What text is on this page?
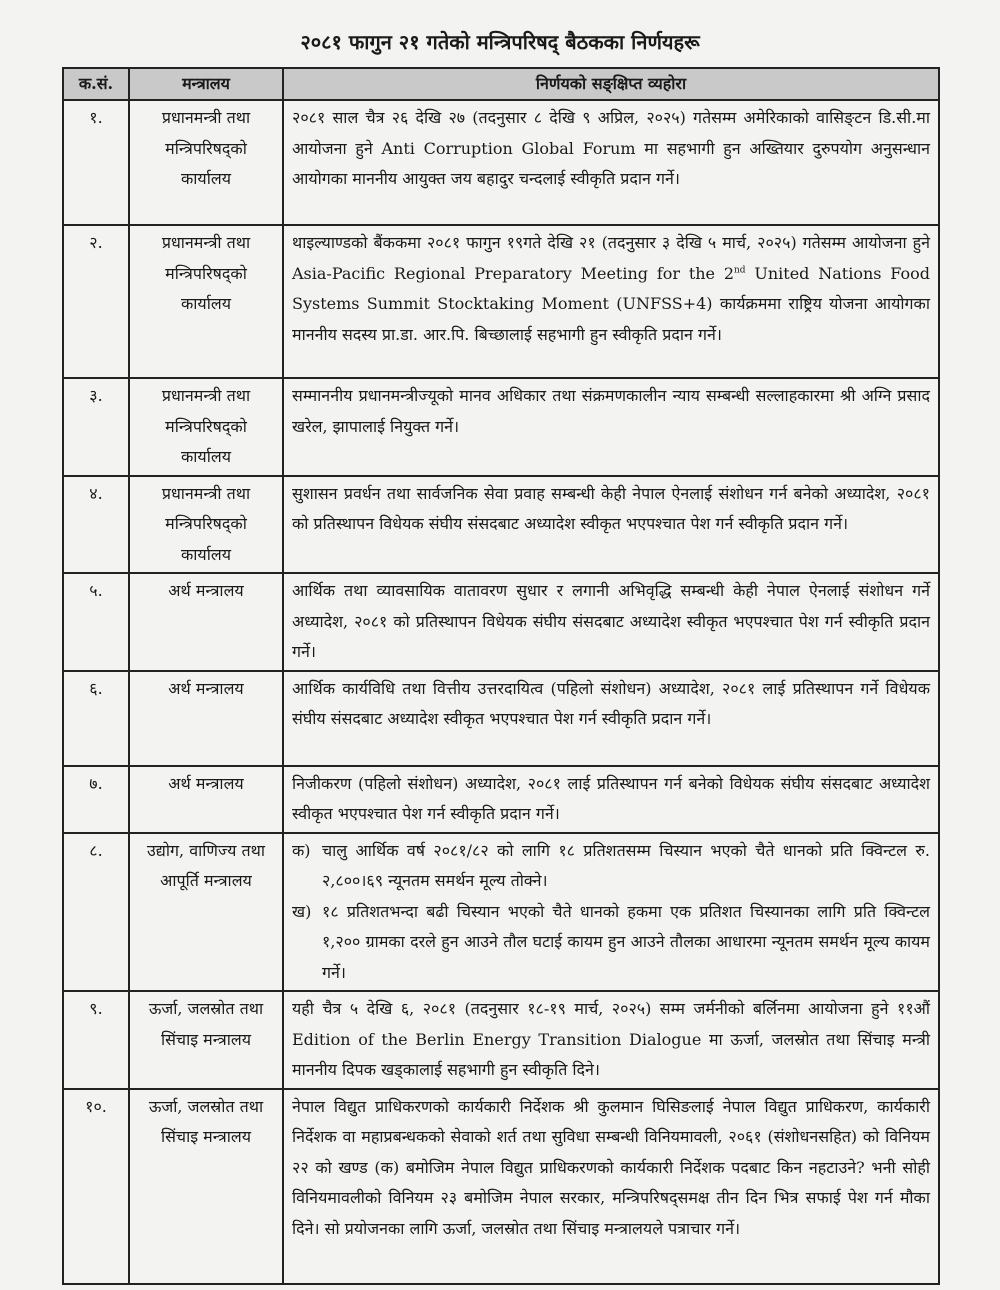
२०८१ फागुन २१ गतेको मन्त्रिपरिषद् बैठकका निर्णयहरू
क.सं.	मन्त्रालय	निर्णयको सङ्क्षिप्त व्यहोरा
१.	प्रधानमन्त्री तथा मन्त्रिपरिषद्को कार्यालय	२०८१ साल चैत्र २६ देखि २७ (तदनुसार ८ देखि ९ अप्रिल, २०२५) गतेसम्म अमेरिकाको वासिङ्टन डि.सी.मा आयोजना हुने Anti Corruption Global Forum मा सहभागी हुन अख्तियार दुरुपयोग अनुसन्धान आयोगका माननीय आयुक्त जय बहादुर चन्दलाई स्वीकृति प्रदान गर्ने।
२.	प्रधानमन्त्री तथा मन्त्रिपरिषद्को कार्यालय	थाइल्याण्डको बैंककमा २०८१ फागुन १९गते देखि २१ (तदनुसार ३ देखि ५ मार्च, २०२५) गतेसम्म आयोजना हुने Asia-Pacific Regional Preparatory Meeting for the 2nd United Nations Food Systems Summit Stocktaking Moment (UNFSS+4) कार्यक्रममा राष्ट्रिय योजना आयोगका माननीय सदस्य प्रा.डा. आर.पि. बिच्छालाई सहभागी हुन स्वीकृति प्रदान गर्ने।
३.	प्रधानमन्त्री तथा मन्त्रिपरिषद्को कार्यालय	सम्माननीय प्रधानमन्त्रीज्यूको मानव अधिकार तथा संक्रमणकालीन न्याय सम्बन्धी सल्लाहकारमा श्री अग्नि प्रसाद खरेल, झापालाई नियुक्त गर्ने।
४.	प्रधानमन्त्री तथा मन्त्रिपरिषद्को कार्यालय	सुशासन प्रवर्धन तथा सार्वजनिक सेवा प्रवाह सम्बन्धी केही नेपाल ऐनलाई संशोधन गर्न बनेको अध्यादेश, २०८१ को प्रतिस्थापन विधेयक संघीय संसदबाट अध्यादेश स्वीकृत भएपश्चात पेश गर्न स्वीकृति प्रदान गर्ने।
५.	अर्थ मन्त्रालय	आर्थिक तथा व्यावसायिक वातावरण सुधार र लगानी अभिवृद्धि सम्बन्धी केही नेपाल ऐनलाई संशोधन गर्ने अध्यादेश, २०८१ को प्रतिस्थापन विधेयक संघीय संसदबाट अध्यादेश स्वीकृत भएपश्चात पेश गर्न स्वीकृति प्रदान गर्ने।
६.	अर्थ मन्त्रालय	आर्थिक कार्यविधि तथा वित्तीय उत्तरदायित्व (पहिलो संशोधन) अध्यादेश, २०८१ लाई प्रतिस्थापन गर्ने विधेयक संघीय संसदबाट अध्यादेश स्वीकृत भएपश्चात पेश गर्न स्वीकृति प्रदान गर्ने।
७.	अर्थ मन्त्रालय	निजीकरण (पहिलो संशोधन) अध्यादेश, २०८१ लाई प्रतिस्थापन गर्न बनेको विधेयक संघीय संसदबाट अध्यादेश स्वीकृत भएपश्चात पेश गर्न स्वीकृति प्रदान गर्ने।
८.	उद्योग, वाणिज्य तथा आपूर्ति मन्त्रालय	क) चालु आर्थिक वर्ष २०८१/८२ को लागि १८ प्रतिशतसम्म चिस्यान भएको चैते धानको प्रति क्विन्टल रु. २,८००।६९ न्यूनतम समर्थन मूल्य तोक्ने।
ख) १८ प्रतिशतभन्दा बढी चिस्यान भएको चैते धानको हकमा एक प्रतिशत चिस्यानका लागि प्रति क्विन्टल १,२०० ग्रामका दरले हुन आउने तौल घटाई कायम हुन आउने तौलका आधारमा न्यूनतम समर्थन मूल्य कायम गर्ने।

९.	ऊर्जा, जलस्रोत तथा सिंचाइ मन्त्रालय	यही चैत्र ५ देखि ६, २०८१ (तदनुसार १८-१९ मार्च, २०२५) सम्म जर्मनीको बर्लिनमा आयोजना हुने ११औं Edition of the Berlin Energy Transition Dialogue मा ऊर्जा, जलस्रोत तथा सिंचाइ मन्त्री माननीय दिपक खड्कालाई सहभागी हुन स्वीकृति दिने।
१०.	ऊर्जा, जलस्रोत तथा सिंचाइ मन्त्रालय	नेपाल विद्युत प्राधिकरणको कार्यकारी निर्देशक श्री कुलमान घिसिङलाई नेपाल विद्युत प्राधिकरण, कार्यकारी निर्देशक वा महाप्रबन्धकको सेवाको शर्त तथा सुविधा सम्बन्धी विनियमावली, २०६१ (संशोधनसहित) को विनियम २२ को खण्ड (क) बमोजिम नेपाल विद्युत प्राधिकरणको कार्यकारी निर्देशक पदबाट किन नहटाउने? भनी सोही विनियमावलीको विनियम २३ बमोजिम नेपाल सरकार, मन्त्रिपरिषद्समक्ष तीन दिन भित्र सफाई पेश गर्न मौका दिने। सो प्रयोजनका लागि ऊर्जा, जलस्रोत तथा सिंचाइ मन्त्रालयले पत्राचार गर्ने।
